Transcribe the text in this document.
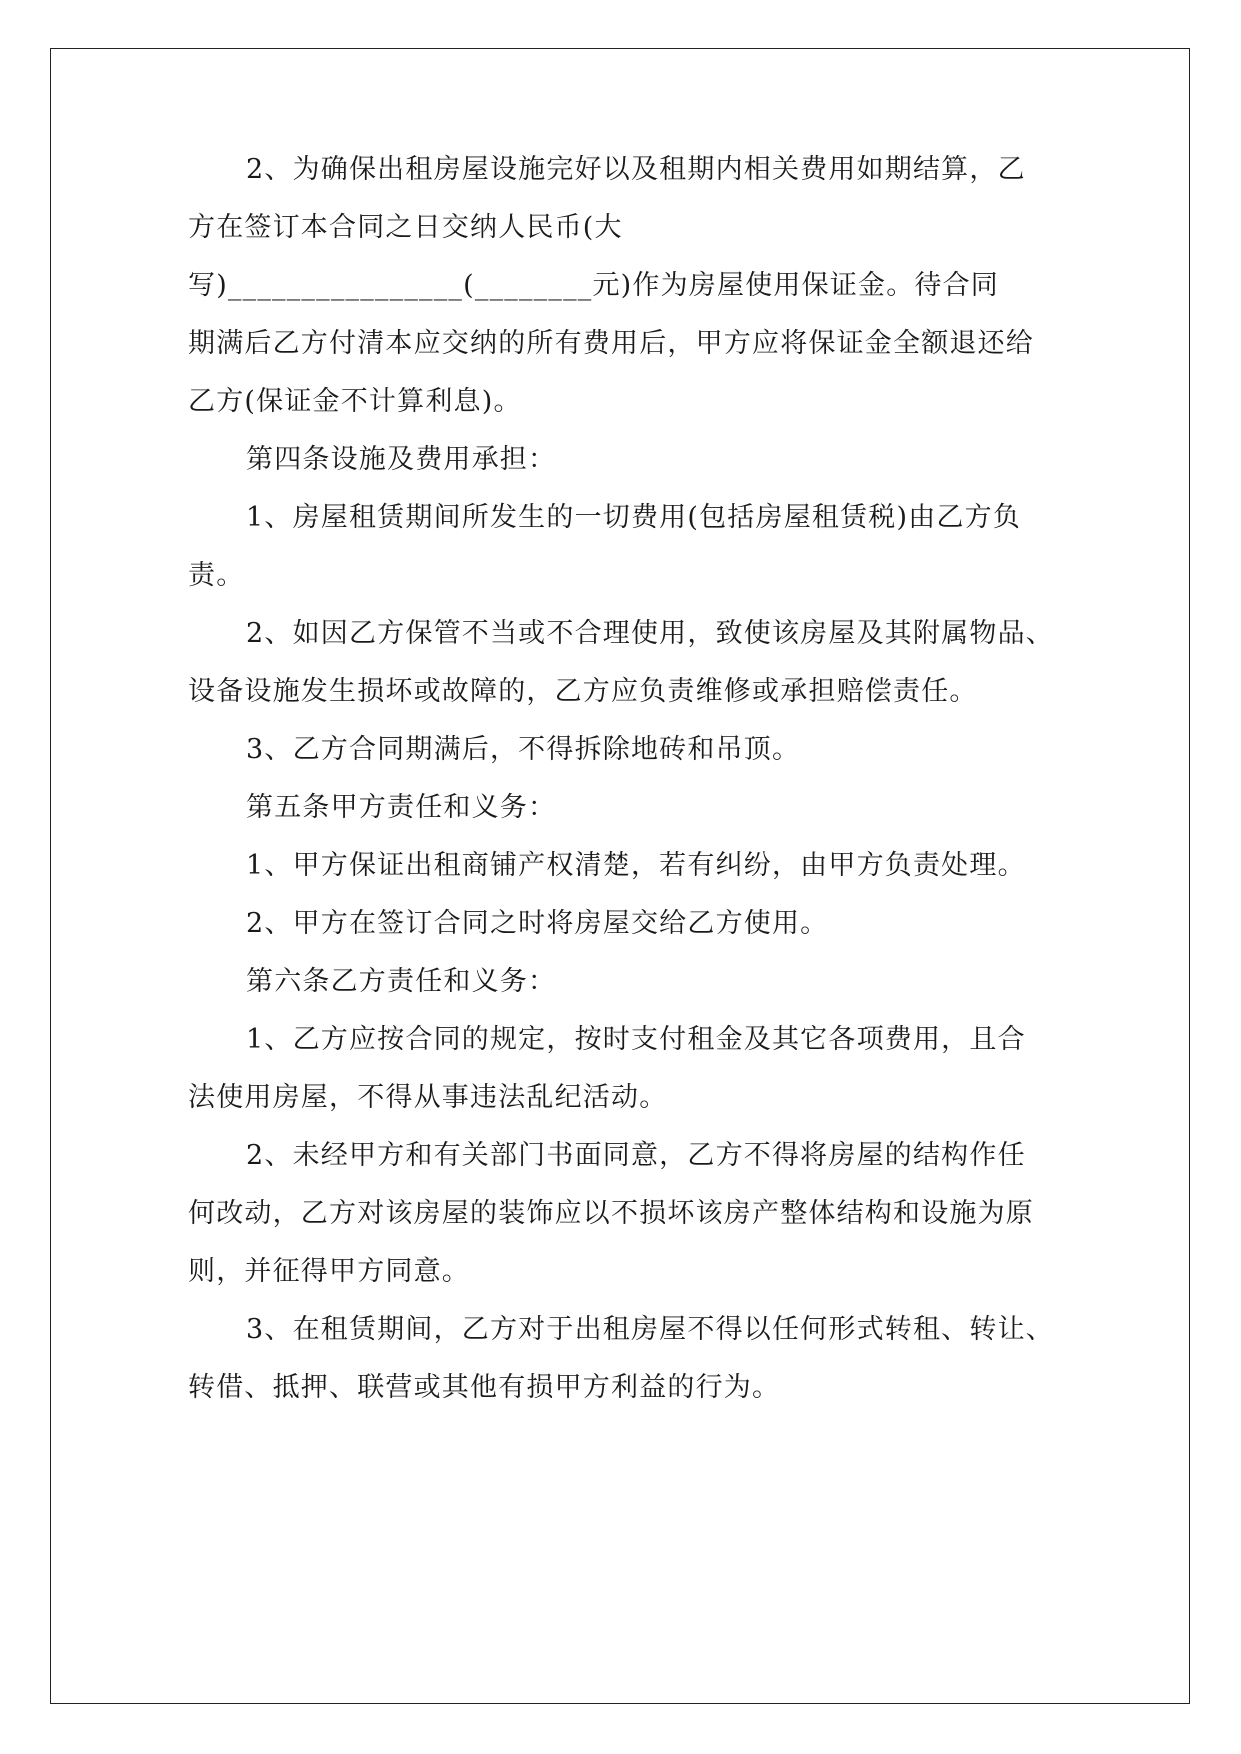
2、为确保出租房屋设施完好以及租期内相关费用如期结算，乙
方在签订本合同之日交纳人民币(大
写)________________(________元)作为房屋使用保证金。待合同
期满后乙方付清本应交纳的所有费用后，甲方应将保证金全额退还给
乙方(保证金不计算利息)。
第四条设施及费用承担：
1、房屋租赁期间所发生的一切费用(包括房屋租赁税)由乙方负
责。
2、如因乙方保管不当或不合理使用，致使该房屋及其附属物品、
设备设施发生损坏或故障的，乙方应负责维修或承担赔偿责任。
3、乙方合同期满后，不得拆除地砖和吊顶。
第五条甲方责任和义务：
1、甲方保证出租商铺产权清楚，若有纠纷，由甲方负责处理。
2、甲方在签订合同之时将房屋交给乙方使用。
第六条乙方责任和义务：
1、乙方应按合同的规定，按时支付租金及其它各项费用，且合
法使用房屋，不得从事违法乱纪活动。
2、未经甲方和有关部门书面同意，乙方不得将房屋的结构作任
何改动，乙方对该房屋的装饰应以不损坏该房产整体结构和设施为原
则，并征得甲方同意。
3、在租赁期间，乙方对于出租房屋不得以任何形式转租、转让、
转借、抵押、联营或其他有损甲方利益的行为。
